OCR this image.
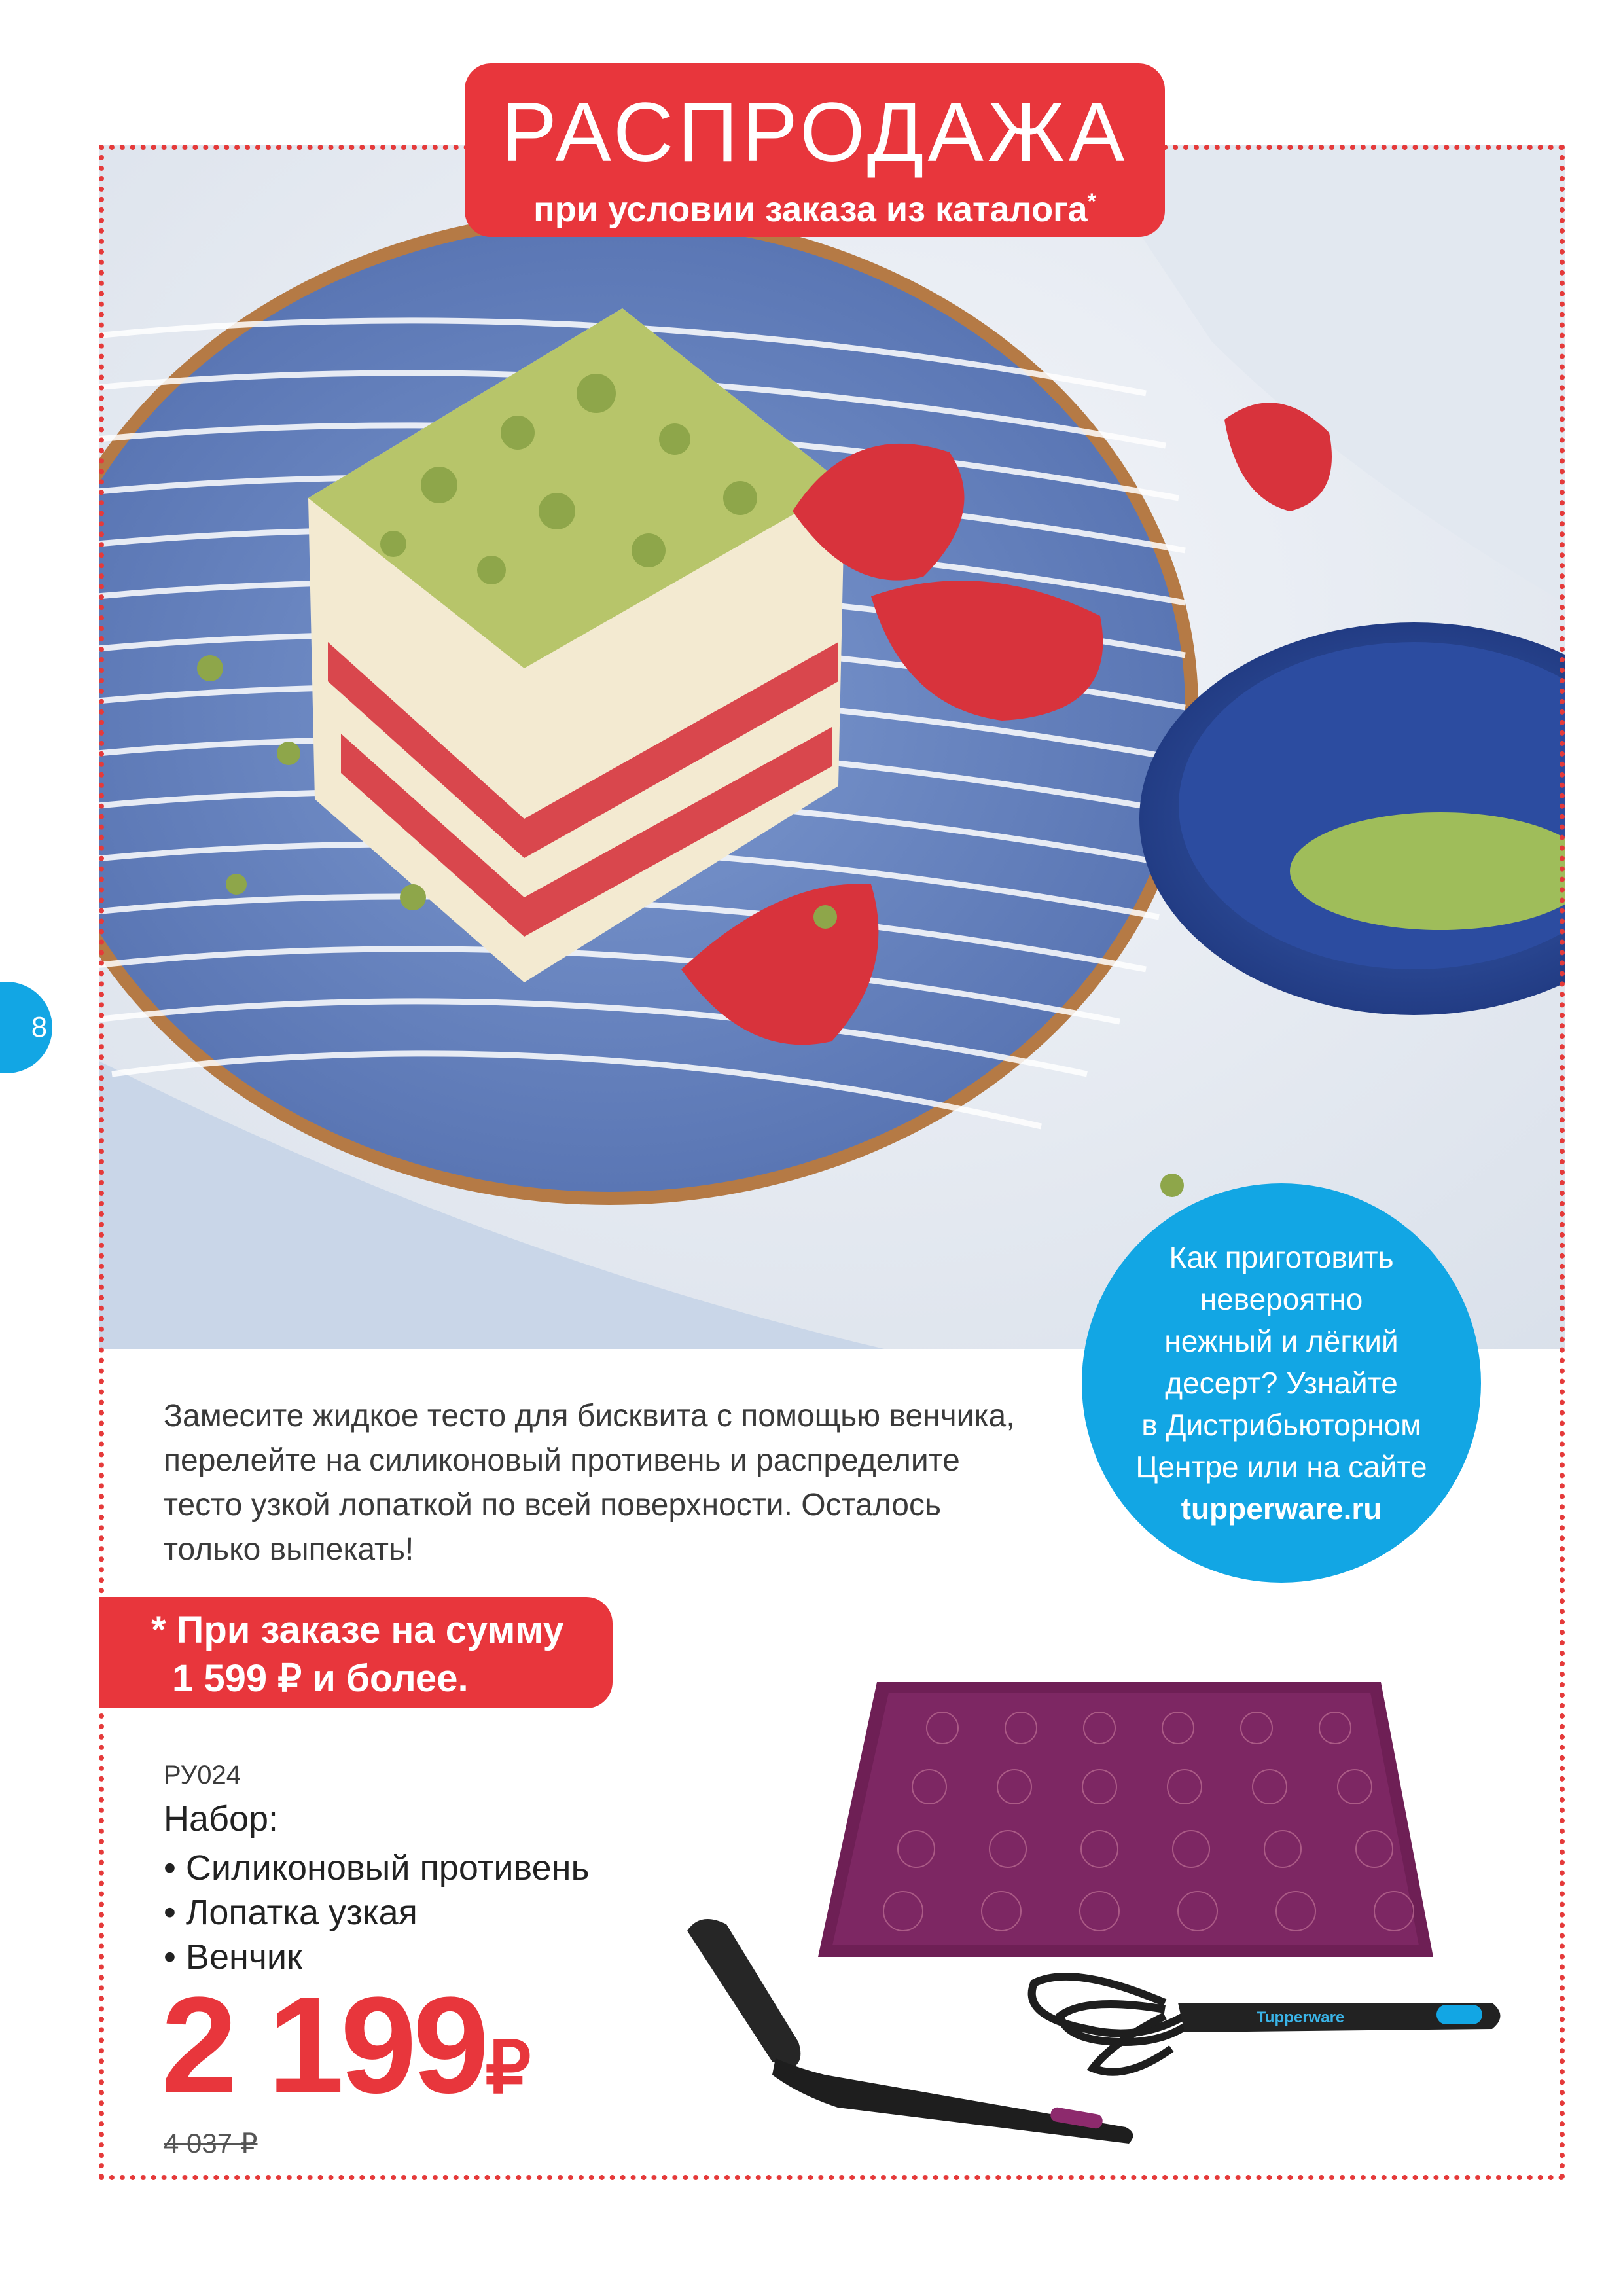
РАСПРОДАЖА
при условии заказа из каталога*
8
Как приготовить
невероятно
нежный и лёгкий
десерт? Узнайте
в Дистрибьюторном
Центре или на сайте
tupperware.ru
Замесите жидкое тесто для бисквита с помощью венчика, перелейте на силиконовый противень и распределите тесто узкой лопаткой по всей поверхности. Осталось только выпекать!
* При заказе на сумму
1 599 ₽ и более.
РУ024
Набор:
• Силиконовый противень
• Лопатка узкая
• Венчик
2 199₽
4 037 ₽
Tupperware
